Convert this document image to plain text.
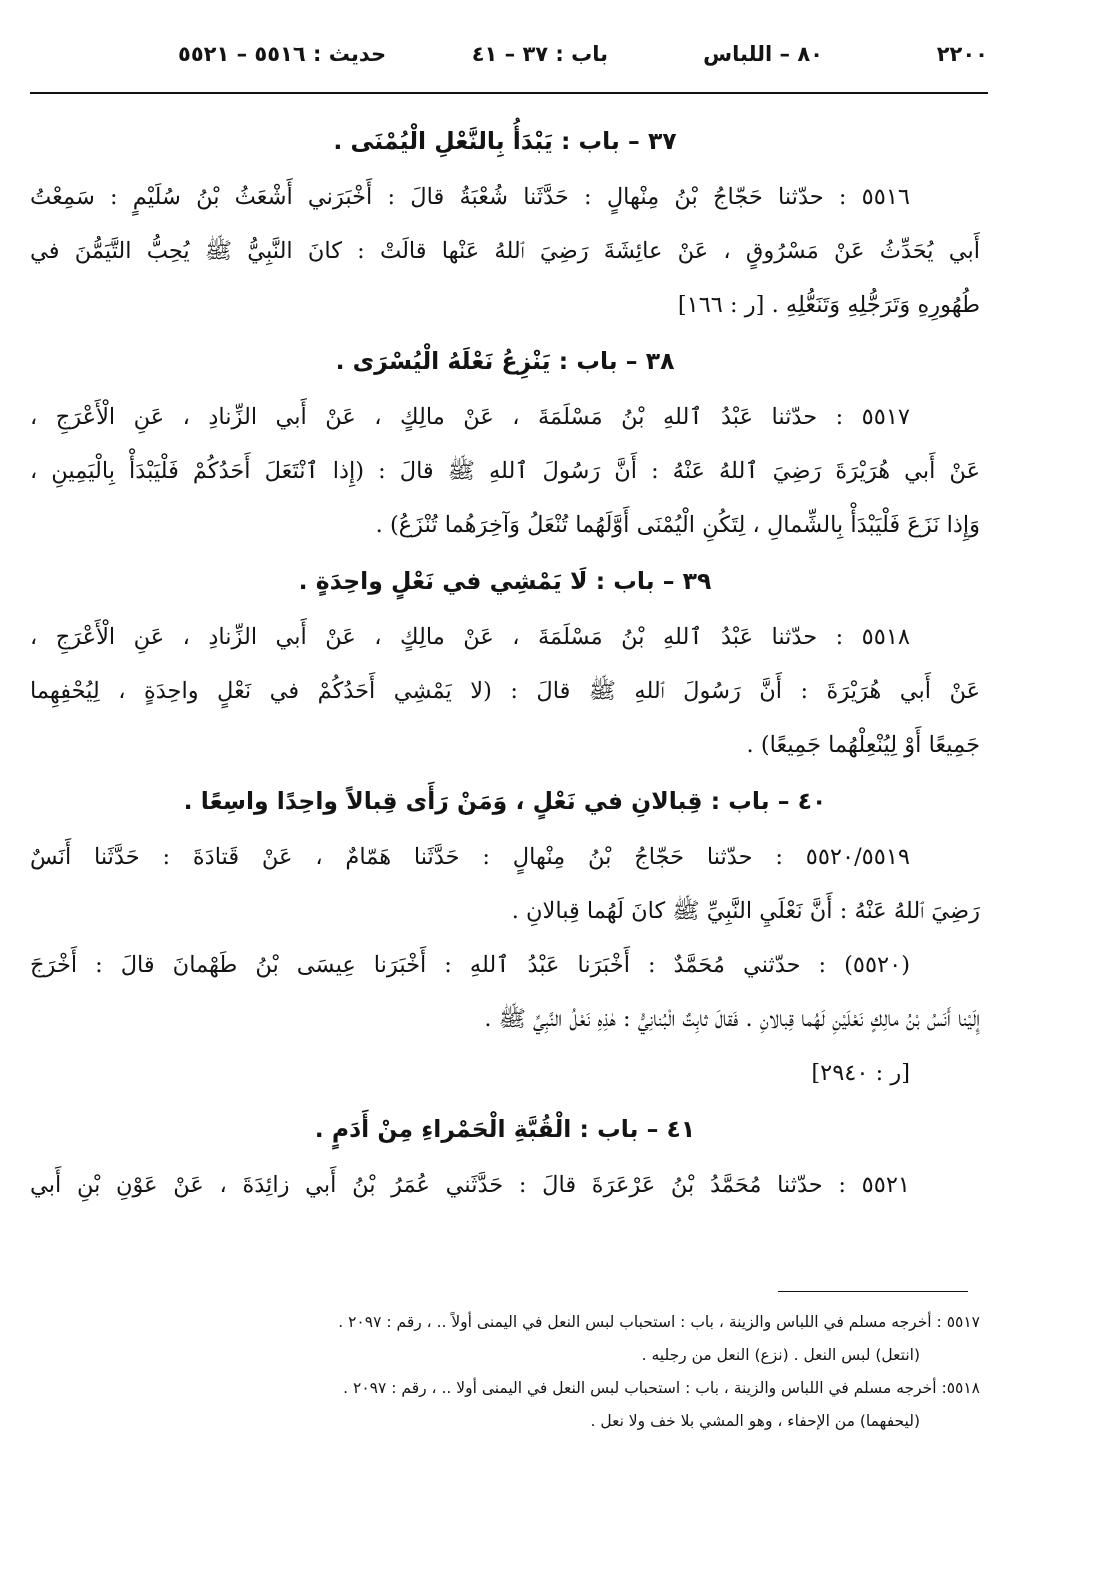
٢٢٠٠
٨٠ – اللباس
باب : ٣٧ – ٤١
حديث : ٥٥١٦ – ٥٥٢١
٣٧ – باب : يَبْدَأُ بِالنَّعْلِ الْيُمْنَى .
٥٥١٦ : حدّثنا حَجّاجُ بْنُ مِنْهالٍ : حَدَّثَنا شُعْبَةُ قالَ : أَخْبَرَني أَشْعَثُ بْنُ سُلَيْمٍ : سَمِعْتُ
أَبي يُحَدِّثُ عَنْ مَسْرُوقٍ ، عَنْ عائِشَةَ رَضِيَ ٱللهُ عَنْها قالَتْ : كانَ النَّبِيُّ ﷺ يُحِبُّ التَّيَمُّنَ في
طُهُورِهِ وَتَرَجُّلِهِ وَتَنَعُّلِهِ . [ر : ١٦٦]
٣٨ – باب : يَنْزِعُ نَعْلَهُ الْيُسْرَى .
٥٥١٧ : حدّثنا عَبْدُ ٱللهِ بْنُ مَسْلَمَةَ ، عَنْ مالِكٍ ، عَنْ أَبي الزِّنادِ ، عَنِ الْأَعْرَجِ ،
عَنْ أَبي هُرَيْرَةَ رَضِيَ ٱللهُ عَنْهُ : أَنَّ رَسُولَ ٱللهِ ﷺ قالَ : (إِذا ٱنْتَعَلَ أَحَدُكُمْ فَلْيَبْدَأْ بِالْيَمِينِ ،
وَإِذا نَزَعَ فَلْيَبْدَأْ بِالشِّمالِ ، لِتَكُنِ الْيُمْنَى أَوَّلَهُما تُنْعَلُ وَآخِرَهُما تُنْزَعُ) .
٣٩ – باب : لَا يَمْشِي في نَعْلٍ واحِدَةٍ .
٥٥١٨ : حدّثنا عَبْدُ ٱللهِ بْنُ مَسْلَمَةَ ، عَنْ مالِكٍ ، عَنْ أَبي الزِّنادِ ، عَنِ الْأَعْرَجِ ،
عَنْ أَبي هُرَيْرَةَ : أَنَّ رَسُولَ ٱللهِ ﷺ قالَ : (لا يَمْشِي أَحَدُكُمْ في نَعْلٍ واحِدَةٍ ، لِيُحْفِهِما
جَمِيعًا أَوْ لِيُنْعِلْهُما جَمِيعًا) .
٤٠ – باب : قِبالانِ في نَعْلٍ ، وَمَنْ رَأَى قِبالاً واحِدًا واسِعًا .
٥٥٢٠/٥٥١٩ : حدّثنا حَجّاجُ بْنُ مِنْهالٍ : حَدَّثَنا هَمّامٌ ، عَنْ قَتادَةَ : حَدَّثَنا أَنَسٌ
رَضِيَ ٱللهُ عَنْهُ : أَنَّ نَعْلَيِ النَّبِيِّ ﷺ كانَ لَهُما قِبالانِ .
(٥٥٢٠) : حدّثني مُحَمَّدٌ : أَخْبَرَنا عَبْدُ ٱللهِ : أَخْبَرَنا عِيسَى بْنُ طَهْمانَ قالَ : أَخْرَجَ
إِلَيْنا أَنَسُ بْنُ مالِكٍ نَعْلَيْنِ لَهُما قِبالانِ . فَقالَ ثابِتٌ الْبُنانِيُّ : هٰذِهِ نَعْلُ النَّبِيِّ ﷺ .
[ر : ٢٩٤٠]
٤١ – باب : الْقُبَّةِ الْحَمْراءِ مِنْ أَدَمٍ .
٥٥٢١ : حدّثنا مُحَمَّدُ بْنُ عَرْعَرَةَ قالَ : حَدَّثَني عُمَرُ بْنُ أَبي زائِدَةَ ، عَنْ عَوْنِ بْنِ أَبي
٥٥١٧ : أخرجه مسلم في اللباس والزينة ، باب : استحباب لبس النعل في اليمنى أولاً .. ، رقم : ٢٠٩٧ .
(انتعل) لبس النعل . (نزع) النعل من رجليه .
٥٥١٨: أخرجه مسلم في اللباس والزينة ، باب : استحباب لبس النعل في اليمنى أولا .. ، رقم : ٢٠٩٧ .
(ليحفهما) من الإحفاء ، وهو المشي بلا خف ولا نعل .
